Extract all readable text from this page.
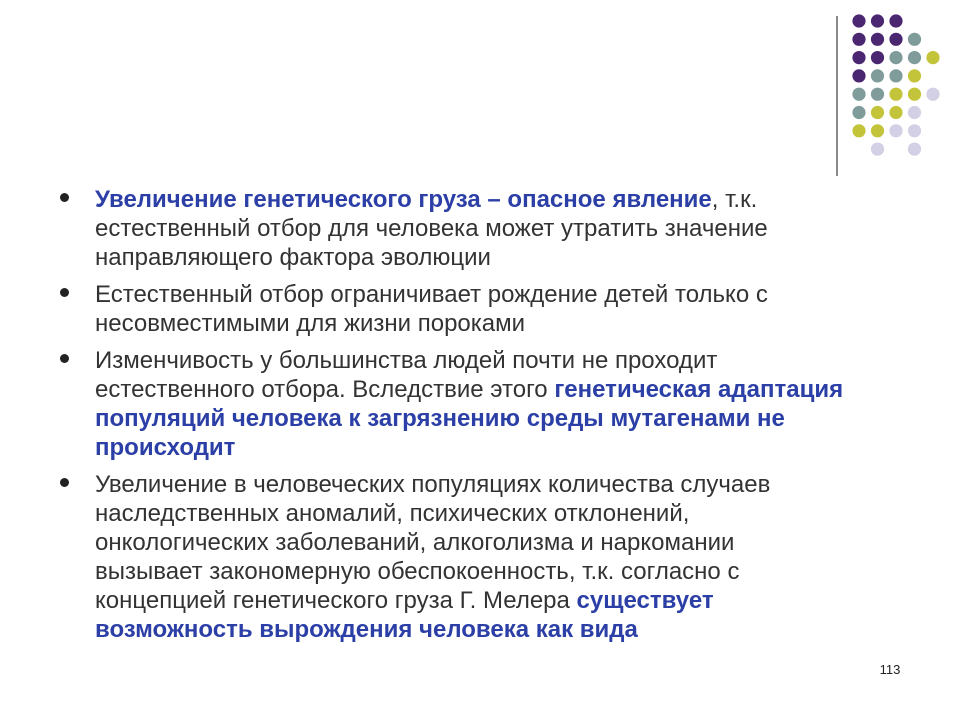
Увеличение генетического груза – опасное явление, т.к. естественный отбор для человека может утратить значение направляющего фактора эволюции
Естественный отбор ограничивает рождение детей только с несовместимыми для жизни пороками
Изменчивость у большинства людей почти не проходит естественного отбора. Вследствие этого генетическая адаптация популяций человека к загрязнению среды мутагенами не происходит
Увеличение в человеческих популяциях количества случаев наследственных аномалий, психических отклонений, онкологических заболеваний, алкоголизма и наркомании вызывает закономерную обеспокоенность, т.к. согласно с концепцией генетического груза Г. Мелера существует возможность вырождения человека как вида
113
